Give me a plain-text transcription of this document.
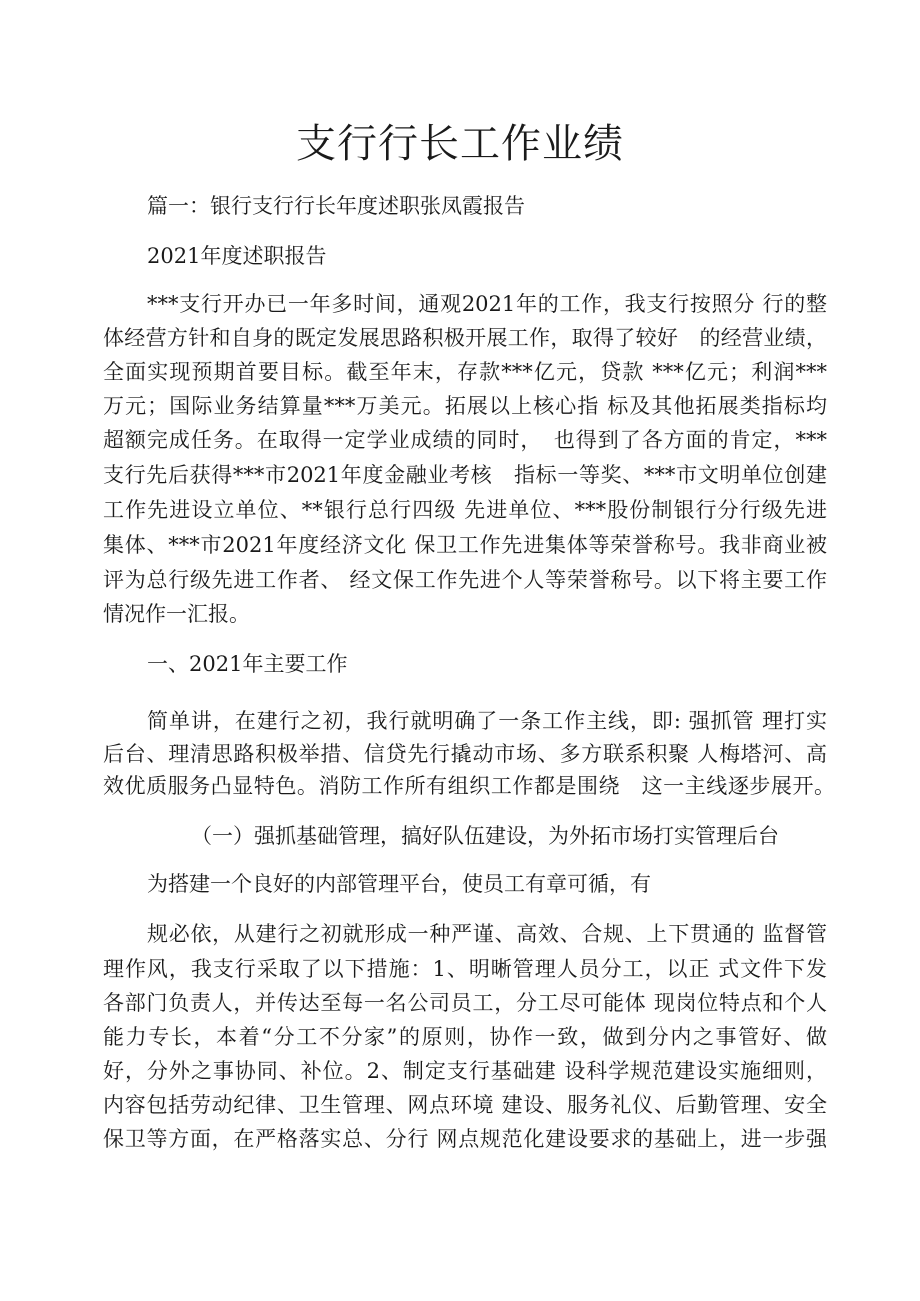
支行行长工作业绩

篇一：银行支行行长年度述职张凤霞报告

2021年度述职报告

***支行开办已一年多时间，通观2021年的工作，我支行按照分 行的整

体经营方针和自身的既定发展思路积极开展工作，取得了较好　的经营业绩，

全面实现预期首要目标。截至年末，存款***亿元，贷款 ***亿元；利润***

万元；国际业务结算量***万美元。拓展以上核心指 标及其他拓展类指标均

超额完成任务。在取得一定学业成绩的同时，　也得到了各方面的肯定，***

支行先后获得***市2021年度金融业考核　指标一等奖、***市文明单位创建

工作先进设立单位、**银行总行四级 先进单位、***股份制银行分行级先进

集体、***市2021年度经济文化 保卫工作先进集体等荣誉称号。我非商业被

评为总行级先进工作者、 经文保工作先进个人等荣誉称号。以下将主要工作

情况作一汇报。

一、2021年主要工作

简单讲，在建行之初，我行就明确了一条工作主线，即: 强抓管 理打实

后台、理清思路积极举措、信贷先行撬动市场、多方联系积聚 人梅塔河、高

效优质服务凸显特色。消防工作所有组织工作都是围绕　这一主线逐步展开。

（一）强抓基础管理，搞好队伍建设，为外拓市场打实管理后台

为搭建一个良好的内部管理平台，使员工有章可循，有

规必依，从建行之初就形成一种严谨、高效、合规、上下贯通的 监督管

理作风，我支行采取了以下措施：1、明晰管理人员分工，以正 式文件下发

各部门负责人，并传达至每一名公司员工，分工尽可能体 现岗位特点和个人

能力专长，本着“分工不分家”的原则，协作一致，做到分内之事管好、做

好，分外之事协同、补位。2、制定支行基础建 设科学规范建设实施细则，

内容包括劳动纪律、卫生管理、网点环境 建设、服务礼仪、后勤管理、安全

保卫等方面，在严格落实总、分行 网点规范化建设要求的基础上，进一步强
